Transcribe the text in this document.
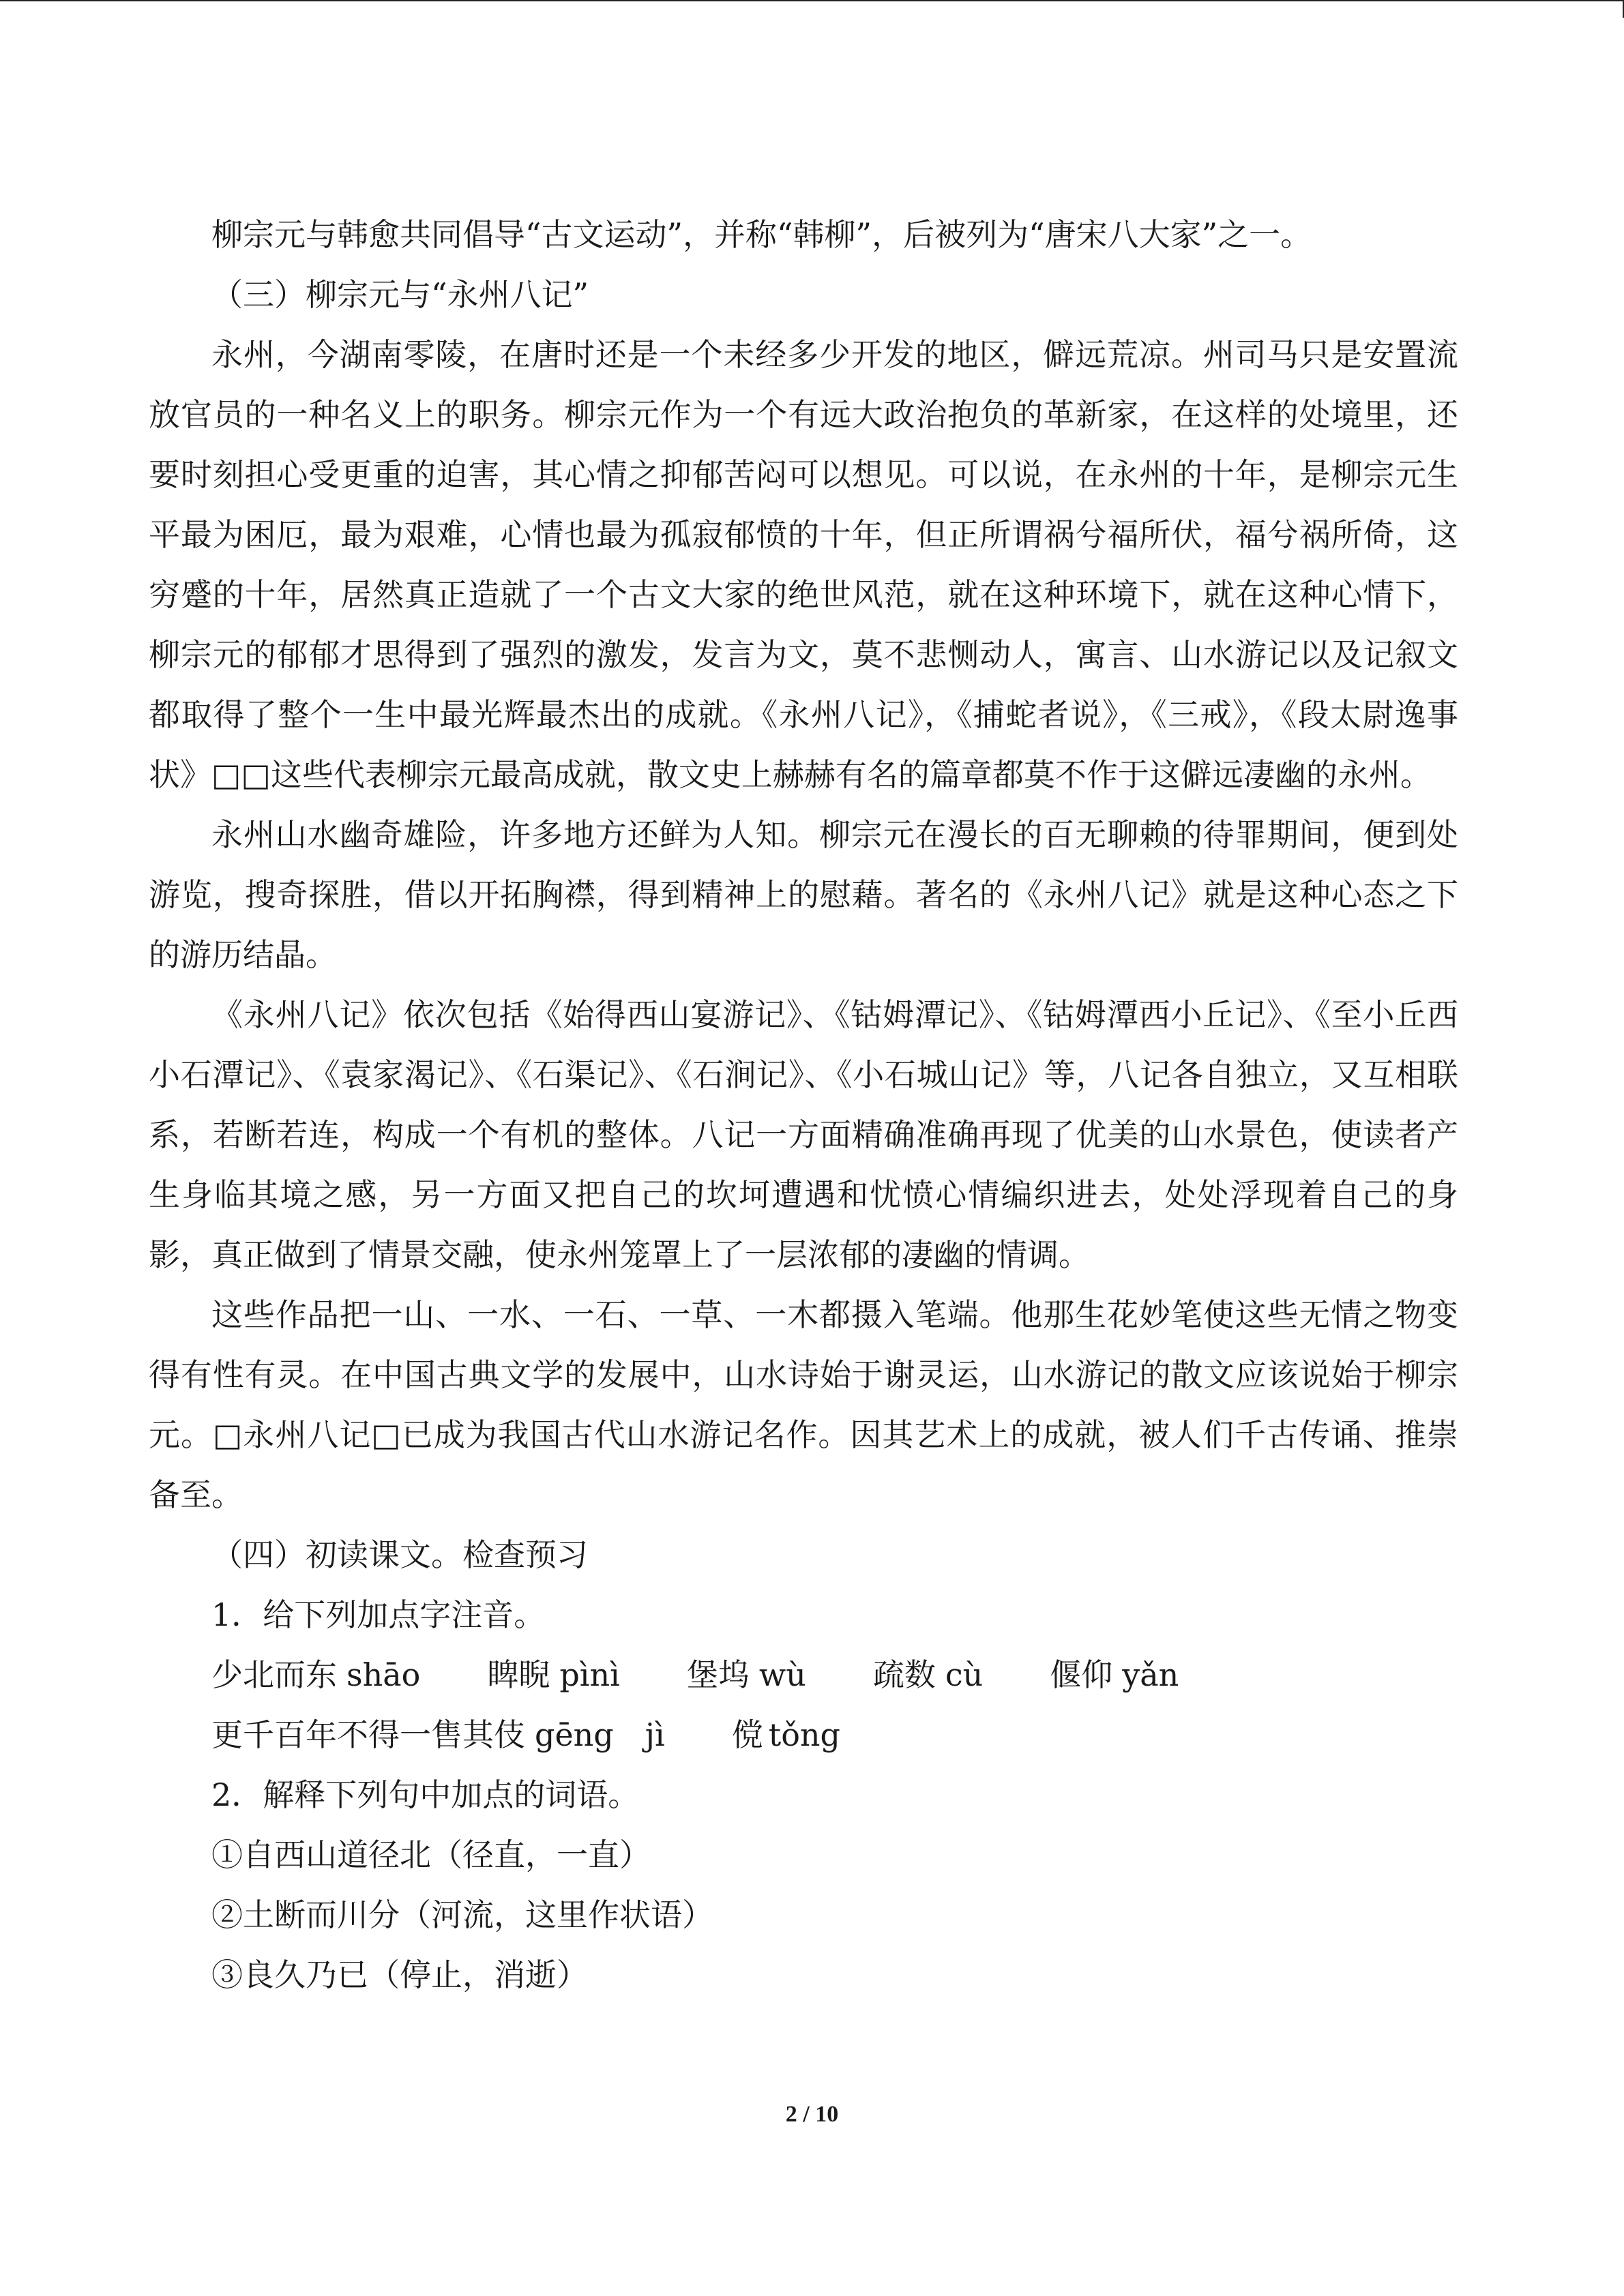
柳宗元与韩愈共同倡导“古文运动”，并称“韩柳”，后被列为“唐宋八大家”之一。

（三）柳宗元与“永州八记”

永州，今湖南零陵，在唐时还是一个未经多少开发的地区，僻远荒凉。州司马只是安置流放官员的一种名义上的职务。柳宗元作为一个有远大政治抱负的革新家，在这样的处境里，还要时刻担心受更重的迫害，其心情之抑郁苦闷可以想见。可以说，在永州的十年，是柳宗元生平最为困厄，最为艰难，心情也最为孤寂郁愤的十年，但正所谓祸兮福所伏，福兮祸所倚，这穷蹙的十年，居然真正造就了一个古文大家的绝世风范，就在这种环境下，就在这种心情下，柳宗元的郁郁才思得到了强烈的激发，发言为文，莫不悲恻动人，寓言、山水游记以及记叙文都取得了整个一生中最光辉最杰出的成就。《永州八记》，《捕蛇者说》，《三戒》，《段太尉逸事状》□□这些代表柳宗元最高成就，散文史上赫赫有名的篇章都莫不作于这僻远凄幽的永州。

永州山水幽奇雄险，许多地方还鲜为人知。柳宗元在漫长的百无聊赖的待罪期间，便到处游览，搜奇探胜，借以开拓胸襟，得到精神上的慰藉。著名的《永州八记》就是这种心态之下的游历结晶。

《永州八记》依次包括《始得西山宴游记》、《钴姆潭记》、《钴姆潭西小丘记》、《至小丘西小石潭记》、《袁家渴记》、《石渠记》、《石涧记》、《小石城山记》等，八记各自独立，又互相联系，若断若连，构成一个有机的整体。八记一方面精确准确再现了优美的山水景色，使读者产生身临其境之感，另一方面又把自己的坎坷遭遇和忧愤心情编织进去，处处浮现着自己的身影，真正做到了情景交融，使永州笼罩上了一层浓郁的凄幽的情调。

这些作品把一山、一水、一石、一草、一木都摄入笔端。他那生花妙笔使这些无情之物变得有性有灵。在中国古典文学的发展中，山水诗始于谢灵运，山水游记的散文应该说始于柳宗元。□永州八记□已成为我国古代山水游记名作。因其艺术上的成就，被人们千古传诵、推崇备至。

（四）初读课文。检查预习

1．给下列加点字注音。

少北而东 shāo 睥睨 pìnì 堡坞 wù 疏数 cù 偃仰 yǎn

更千百年不得一售其伎 gēng　jì 傥 tǒng

2．解释下列句中加点的词语。

①自西山道径北（径直，一直）

②土断而川分（河流，这里作状语）

③良久乃已（停止，消逝）

2 / 10
